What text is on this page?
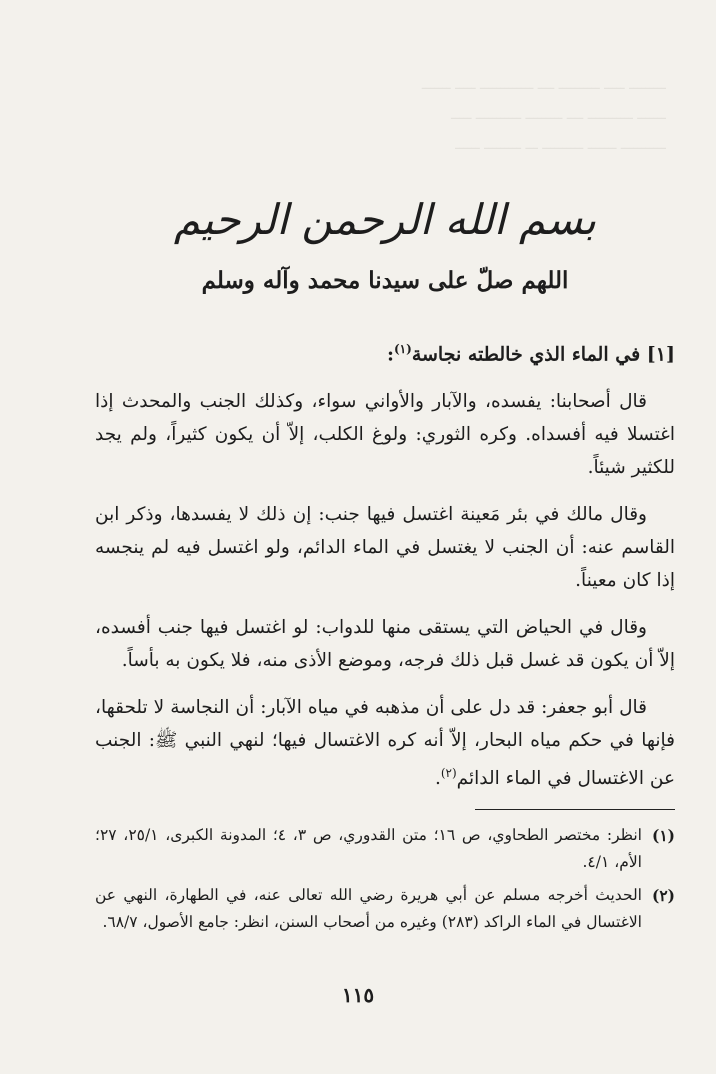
ـــــــــ ـــــ ــــــــــ ــــ ـــــــــــــ ـــــ ـــــــ
ـــــــ ـــــــــــ ــــ ـــــــــ ـــــــــــ ـــــ
ـــــــــــ ـــــــ ــــــــــ ـــ ـــــــــ ــــــ
بسم الله الرحمن الرحيم
اللهم صلّ على سيدنا محمد وآله وسلم
[١] في الماء الذي خالطته نجاسة$^{(١)}$:

قال أصحابنا: يفسده، والآبار والأواني سواء، وكذلك الجنب والمحدث إذا اغتسلا فيه أفسداه. وكره الثوري: ولوغ الكلب، إلاّ أن يكون كثيراً، ولم يجد للكثير شيئاً.

وقال مالك في بئر مَعينة اغتسل فيها جنب: إن ذلك لا يفسدها، وذكر ابن القاسم عنه: أن الجنب لا يغتسل في الماء الدائم، ولو اغتسل فيه لم ينجسه إذا كان معيناً.

وقال في الحياض التي يستقى منها للدواب: لو اغتسل فيها جنب أفسده، إلاّ أن يكون قد غسل قبل ذلك فرجه، وموضع الأذى منه، فلا يكون به بأساً.

قال أبو جعفر: قد دل على أن مذهبه في مياه الآبار: أن النجاسة لا تلحقها، فإنها في حكم مياه البحار، إلاّ أنه كره الاغتسال فيها؛ لنهي النبي ﷺ: الجنب عن الاغتسال في الماء الدائم$^{(٢)}$.

(١)
انظر: مختصر الطحاوي، ص ١٦؛ متن القدوري، ص ٣، ٤؛ المدونة الكبرى، ٢٥/١، ٢٧؛ الأم، ٤/١.
(٢)
الحديث أخرجه مسلم عن أبي هريرة رضي الله تعالى عنه، في الطهارة، النهي عن الاغتسال في الماء الراكد (٢٨٣) وغيره من أصحاب السنن، انظر: جامع الأصول، ٦٨/٧.
١١٥
